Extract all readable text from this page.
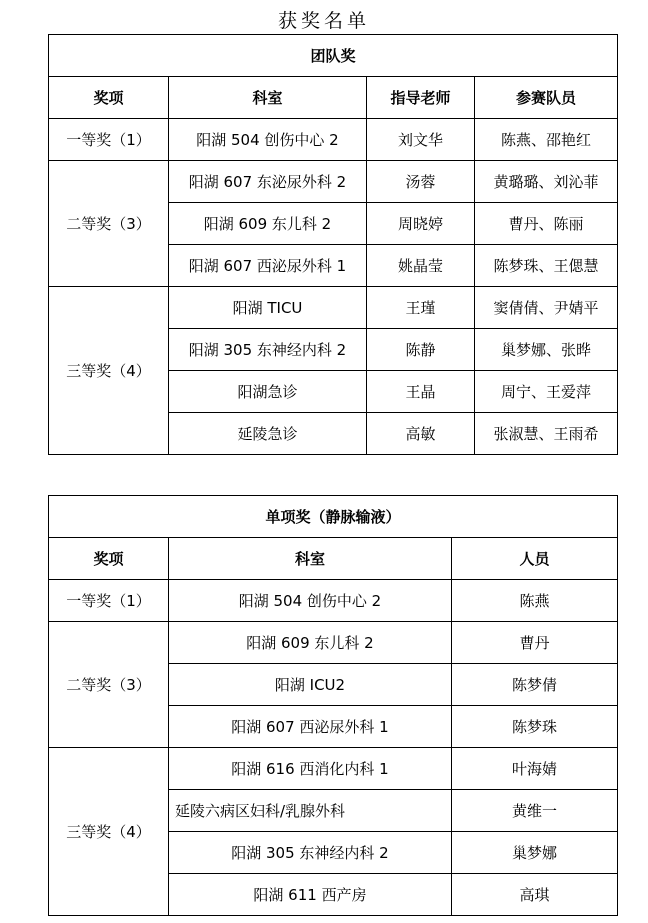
获奖名单
团队奖			
奖项	科室	指导老师	参赛队员
一等奖（1）	阳湖 504 创伤中心 2	刘文华	陈燕、邵艳红
二等奖（3）	阳湖 607 东泌尿外科 2	汤蓉	黄璐璐、刘沁菲
	阳湖 609 东儿科 2	周晓婷	曹丹、陈丽
	阳湖 607 西泌尿外科 1	姚晶莹	陈梦珠、王偲慧
三等奖（4）	阳湖 TICU	王瑾	窦倩倩、尹婧平
	阳湖 305 东神经内科 2	陈静	巢梦娜、张晔
	阳湖急诊	王晶	周宁、王爱萍
	延陵急诊	高敏	张淑慧、王雨希
单项奖（静脉输液）		
奖项	科室	人员
一等奖（1）	阳湖 504 创伤中心 2	陈燕
二等奖（3）	阳湖 609 东儿科 2	曹丹
	阳湖 ICU2	陈梦倩
	阳湖 607 西泌尿外科 1	陈梦珠
三等奖（4）	阳湖 616 西消化内科 1	叶海婧
	延陵六病区妇科/乳腺外科	黄维一
	阳湖 305 东神经内科 2	巢梦娜
	阳湖 611 西产房	高琪
